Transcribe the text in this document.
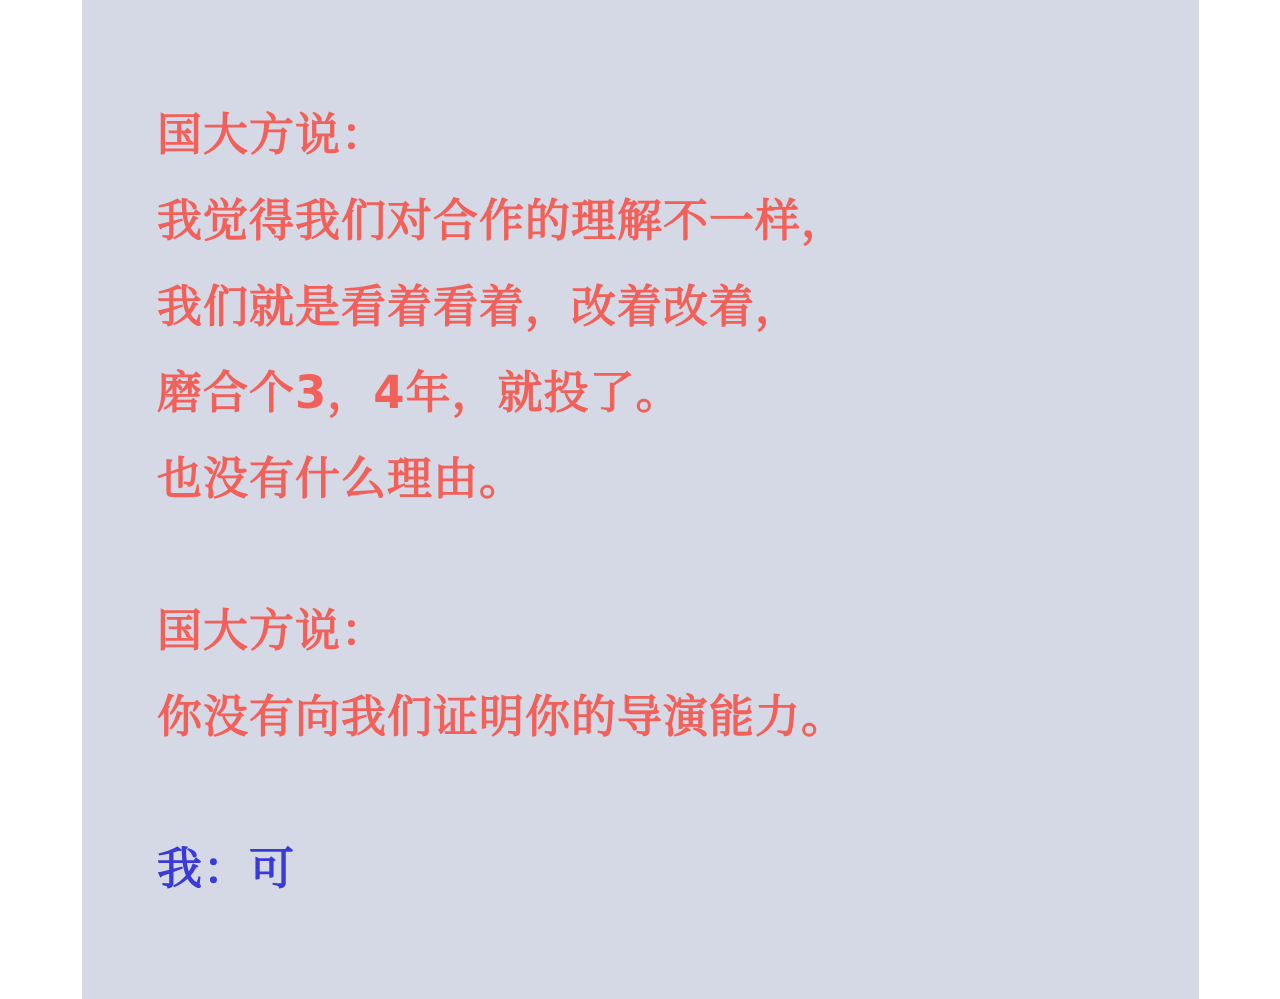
国大方说：
我觉得我们对合作的理解不一样，
我们就是看着看着，改着改着，
磨合个3，4年，就投了。
也没有什么理由。
国大方说：
你没有向我们证明你的导演能力。
我：可
